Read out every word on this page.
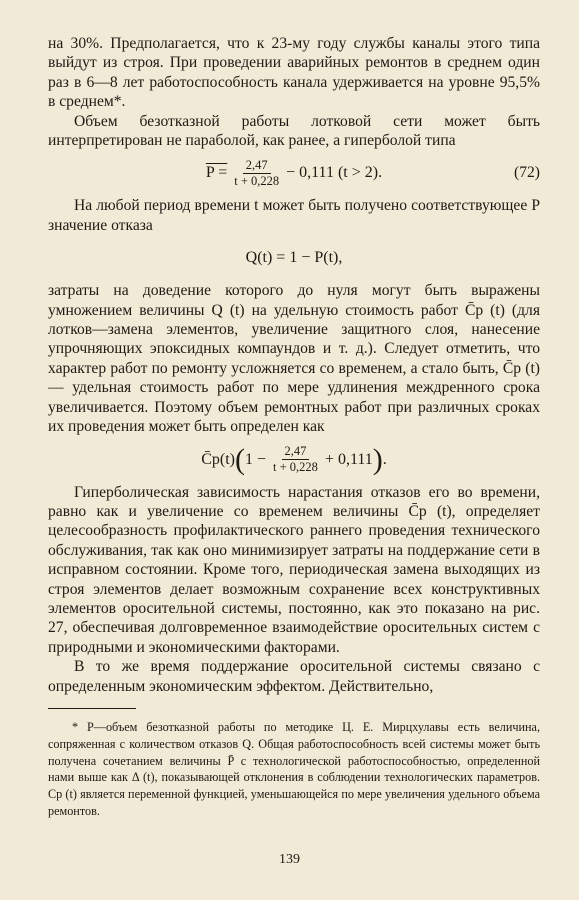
на 30%. Предполагается, что к 23-му году службы каналы этого типа выйдут из строя. При проведении аварийных ремонтов в среднем один раз в 6—8 лет работоспособность канала удерживается на уровне 95,5% в среднем*.

Объем безотказной работы лотковой сети может быть интерпретирован не параболой, как ранее, а гиперболой типа

$P = \frac{2,47}{t + 0,228} - 0,111$ (t > 2).	(72)

На любой период времени t может быть получено соответствующее P значение отказа

Q(t) = 1 − P(t),

затраты на доведение которого до нуля могут быть выражены умножением величины Q (t) на удельную стоимость работ C̄р (t) (для лотков—замена элементов, увеличение защитного слоя, нанесение упрочняющих эпоксидных компаундов и т. д.). Следует отметить, что характер работ по ремонту усложняется со временем, а стало быть, C̄р (t) — удельная стоимость работ по мере удлинения междренного срока увеличивается. Поэтому объем ремонтных работ при различных сроках их проведения может быть определен как

C̄р(t) ( $1 - \frac{2,47}{t + 0,228} + 0,111$ ) .

Гиперболическая зависимость нарастания отказов его во времени, равно как и увеличение со временем величины C̄р (t), определяет целесообразность профилактического раннего проведения технического обслуживания, так как оно минимизирует затраты на поддержание сети в исправном состоянии. Кроме того, периодическая замена выходящих из строя элементов делает возможным сохранение всех конструктивных элементов оросительной системы, постоянно, как это показано на рис. 27, обеспечивая долговременное взаимодействие оросительных систем с природными и экономическими факторами.

В то же время поддержание оросительной системы связано с определенным экономическим эффектом. Действительно,

* P—объем безотказной работы по методике Ц. Е. Мирцхулавы есть величина, сопряженная с количеством отказов Q. Общая работоспособность всей системы может быть получена сочетанием величины P̄ с технологической работоспособностью, определенной нами выше как Δ (t), показывающей отклонения в соблюдении технологических параметров. Cр (t) является переменной функцией, уменьшающейся по мере увеличения удельного объема ремонтов.

139
